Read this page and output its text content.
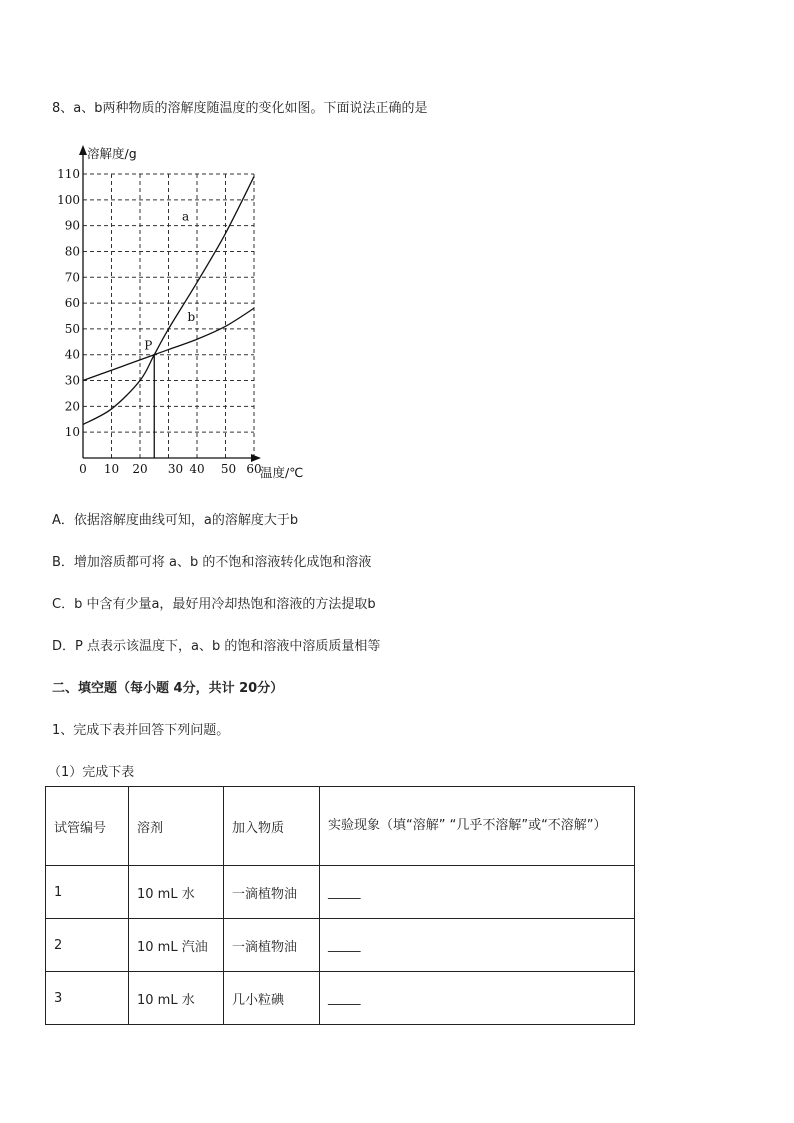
8、a、b两种物质的溶解度随温度的变化如图。下面说法正确的是
10
20
30
40
50
60
70
80
90
100
110
0 10 20 30 40 50 60
a
b
P
溶解度/g
温度/℃
A．依据溶解度曲线可知，a的溶解度大于b
B．增加溶质都可将 a、b 的不饱和溶液转化成饱和溶液
C．b 中含有少量a，最好用冷却热饱和溶液的方法提取b
D．P 点表示该温度下，a、b 的饱和溶液中溶质质量相等
二、填空题（每小题 4分，共计 20分）
1、完成下表并回答下列问题。
（1）完成下表
试管编号	溶剂	加入物质	实验现象（填“溶解” “几乎不溶解”或“不溶解”）
1	10 mL 水	一滴植物油	_____
2	10 mL 汽油	一滴植物油	_____
3	10 mL 水	几小粒碘	_____
